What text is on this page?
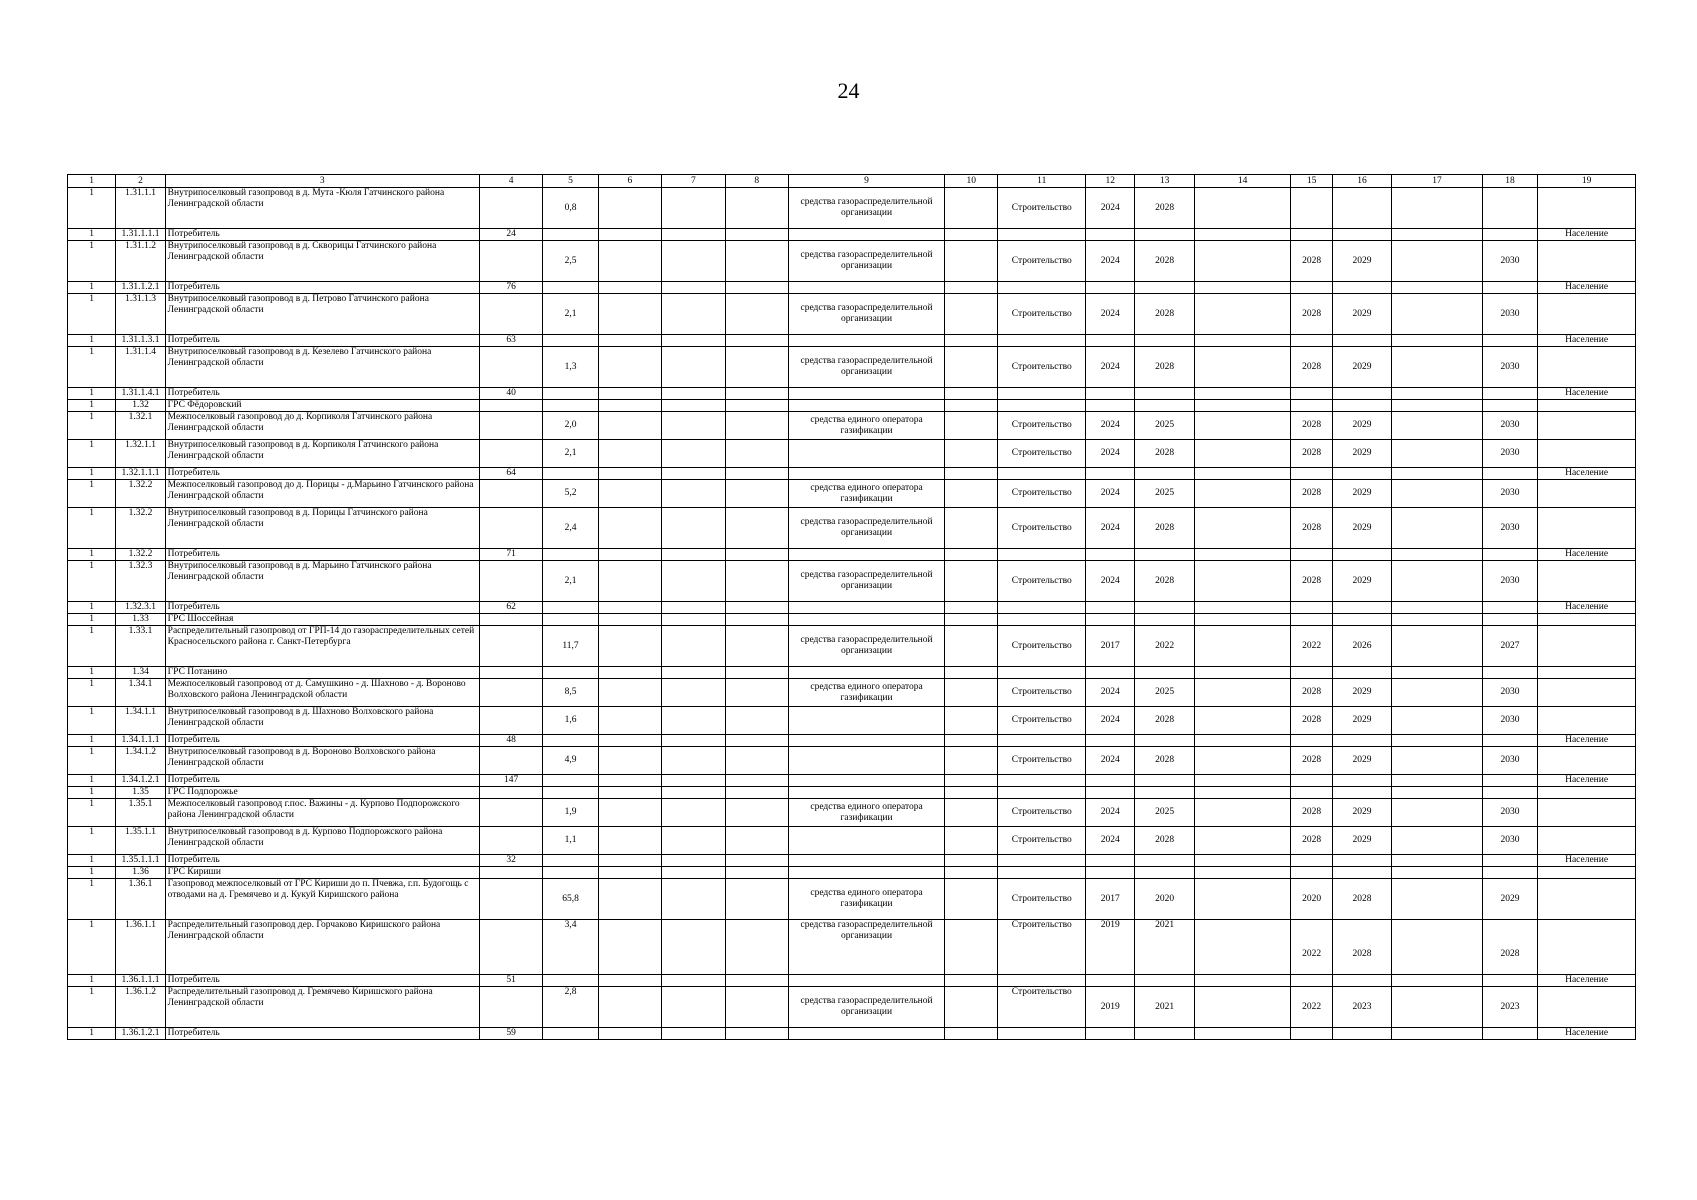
24
1	2	3	4	5	6	7	8	9	10	11	12	13	14	15	16	17	18	19
1	1.31.1.1	Внутрипоселковый газопровод в д. Мута -Кюля Гатчинского района Ленинградской области		0,8				средства газораспределительной организации		Строительство	2024	2028						
1	1.31.1.1.1	Потребитель	24															Население
1	1.31.1.2	Внутрипоселковый газопровод в д. Скворицы Гатчинского района Ленинградской области		2,5				средства газораспределительной организации		Строительство	2024	2028		2028	2029		2030	
1	1.31.1.2.1	Потребитель	76															Население
1	1.31.1.3	Внутрипоселковый газопровод в д. Петрово Гатчинского района Ленинградской области		2,1				средства газораспределительной организации		Строительство	2024	2028		2028	2029		2030	
1	1.31.1.3.1	Потребитель	63															Население
1	1.31.1.4	Внутрипоселковый газопровод в д. Кезелево Гатчинского района Ленинградской области		1,3				средства газораспределительной организации		Строительство	2024	2028		2028	2029		2030	
1	1.31.1.4.1	Потребитель	40															Население
1	1.32	ГРС Фёдоровский																
1	1.32.1	Межпоселковый газопровод до д. Корпиколя Гатчинского района Ленинградской области		2,0				средства единого оператора газификации		Строительство	2024	2025		2028	2029		2030	
1	1.32.1.1	Внутрипоселковый газопровод в д. Корпиколя Гатчинского района Ленинградской области		2,1						Строительство	2024	2028		2028	2029		2030	
1	1.32.1.1.1	Потребитель	64															Население
1	1.32.2	Межпоселковый газопровод до д. Порицы - д.Марьино Гатчинского района Ленинградской области		5,2				средства единого оператора газификации		Строительство	2024	2025		2028	2029		2030	
1	1.32.2	Внутрипоселковый газопровод в д. Порицы Гатчинского района Ленинградской области		2,4				средства газораспределительной организации		Строительство	2024	2028		2028	2029		2030	
1	1.32.2	Потребитель	71															Население
1	1.32.3	Внутрипоселковый газопровод в д. Марьино Гатчинского района Ленинградской области		2,1				средства газораспределительной организации		Строительство	2024	2028		2028	2029		2030	
1	1.32.3.1	Потребитель	62															Население
1	1.33	ГРС Шоссейная																
1	1.33.1	Распределительный газопровод от ГРП-14 до газораспределительных сетей Красносельского района г. Санкт-Петербурга		11,7				средства газораспределительной организации		Строительство	2017	2022		2022	2026		2027	
1	1.34	ГРС Потанино																
1	1.34.1	Межпоселковый газопровод от д. Самушкино - д. Шахново - д. Вороново Волховского района Ленинградской области		8,5				средства единого оператора газификации		Строительство	2024	2025		2028	2029		2030	
1	1.34.1.1	Внутрипоселковый газопровод в д. Шахново Волховского района Ленинградской области		1,6						Строительство	2024	2028		2028	2029		2030	
1	1.34.1.1.1	Потребитель	48															Население
1	1.34.1.2	Внутрипоселковый газопровод в д. Вороново Волховского района Ленинградской области		4,9						Строительство	2024	2028		2028	2029		2030	
1	1.34.1.2.1	Потребитель	147															Население
1	1.35	ГРС Подпорожье																
1	1.35.1	Межпоселковый газопровод г.пос. Важины - д. Курпово Подпорожского района Ленинградской области		1,9				средства единого оператора газификации		Строительство	2024	2025		2028	2029		2030	
1	1.35.1.1	Внутрипоселковый газопровод в д. Курпово Подпорожского района Ленинградской области		1,1						Строительство	2024	2028		2028	2029		2030	
1	1.35.1.1.1	Потребитель	32															Население
1	1.36	ГРС Кириши																
1	1.36.1	Газопровод межпоселковый от ГРС Кириши до п. Пчевжа, г.п. Будогощь с отводами на д. Гремячево и д. Кукуй Киришского района		65,8				средства единого оператора газификации		Строительство	2017	2020		2020	2028		2029	
1	1.36.1.1	Распределительный газопровод дер. Горчаково Киришского района Ленинградской области		3,4				средства газораспределительной организации		Строительство	2019	2021		2022	2028		2028	
1	1.36.1.1.1	Потребитель	51															Население
1	1.36.1.2	Распределительный газопровод д. Гремячево Киришского района Ленинградской области		2,8				средства газораспределительной организации		Строительство	2019	2021		2022	2023		2023	
1	1.36.1.2.1	Потребитель	59															Население
